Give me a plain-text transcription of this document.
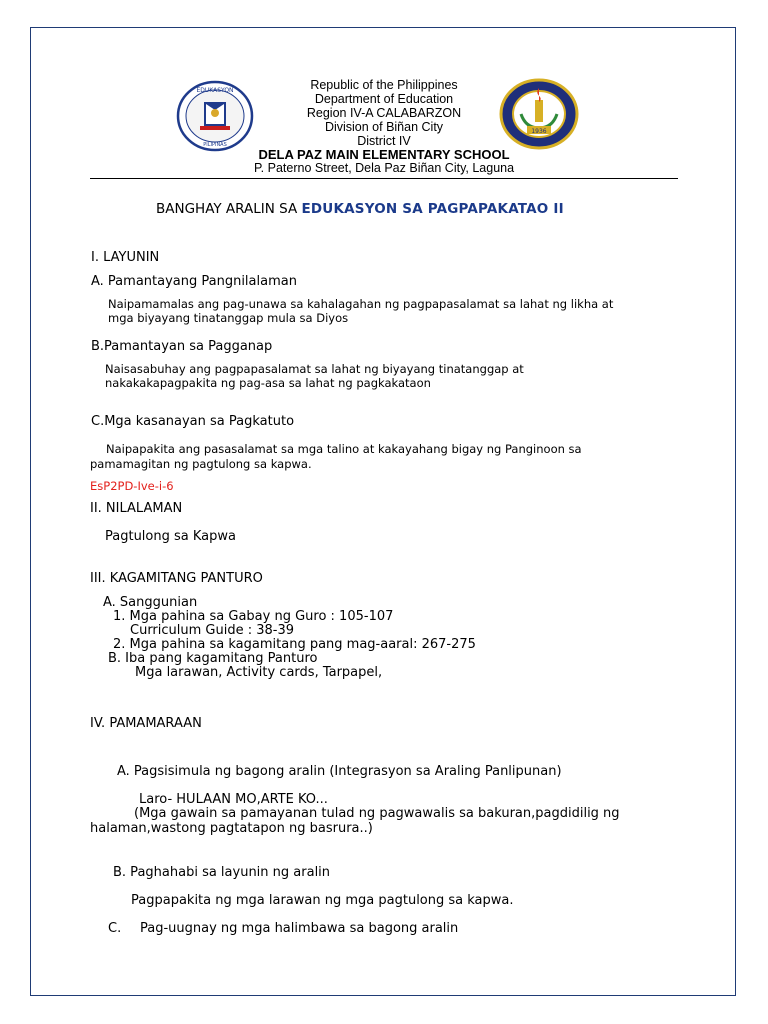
EDUKASYON
PILIPINAS
1936
Republic of the Philippines
Department of Education
Region IV-A CALABARZON
Division of Biñan City
District IV
DELA PAZ MAIN ELEMENTARY SCHOOL
P. Paterno Street, Dela Paz Biñan City, Laguna
BANGHAY ARALIN SA EDUKASYON SA PAGPAPAKATAO II
I. LAYUNIN
A. Pamantayang Pangnilalaman
Naipamamalas ang pag-unawa sa kahalagahan ng pagpapasalamat sa lahat ng likha at
mga biyayang tinatanggap mula sa Diyos
B.Pamantayan sa Pagganap
Naisasabuhay ang pagpapasalamat sa lahat ng biyayang tinatanggap at
nakakakapagpakita ng pag-asa sa lahat ng pagkakataon
C.Mga kasanayan sa Pagkatuto
Naipapakita ang pasasalamat sa mga talino at kakayahang bigay ng Panginoon sa
pamamagitan ng pagtulong sa kapwa.
EsP2PD-Ive-i-6
II. NILALAMAN
Pagtulong sa Kapwa
III. KAGAMITANG PANTURO
A. Sanggunian
1. Mga pahina sa Gabay ng Guro : 105-107
Curriculum Guide : 38-39
2. Mga pahina sa kagamitang pang mag-aaral: 267-275
B. Iba pang kagamitang Panturo
Mga larawan, Activity cards, Tarpapel,
IV. PAMAMARAAN
A. Pagsisimula ng bagong aralin (Integrasyon sa Araling Panlipunan)
Laro- HULAAN MO,ARTE KO...
(Mga gawain sa pamayanan tulad ng pagwawalis sa bakuran,pagdidilig ng
halaman,wastong pagtatapon ng basrura..)
B. Paghahabi sa layunin ng aralin
Pagpapakita ng mga larawan ng mga pagtulong sa kapwa.
C. Pag-uugnay ng mga halimbawa sa bagong aralin
